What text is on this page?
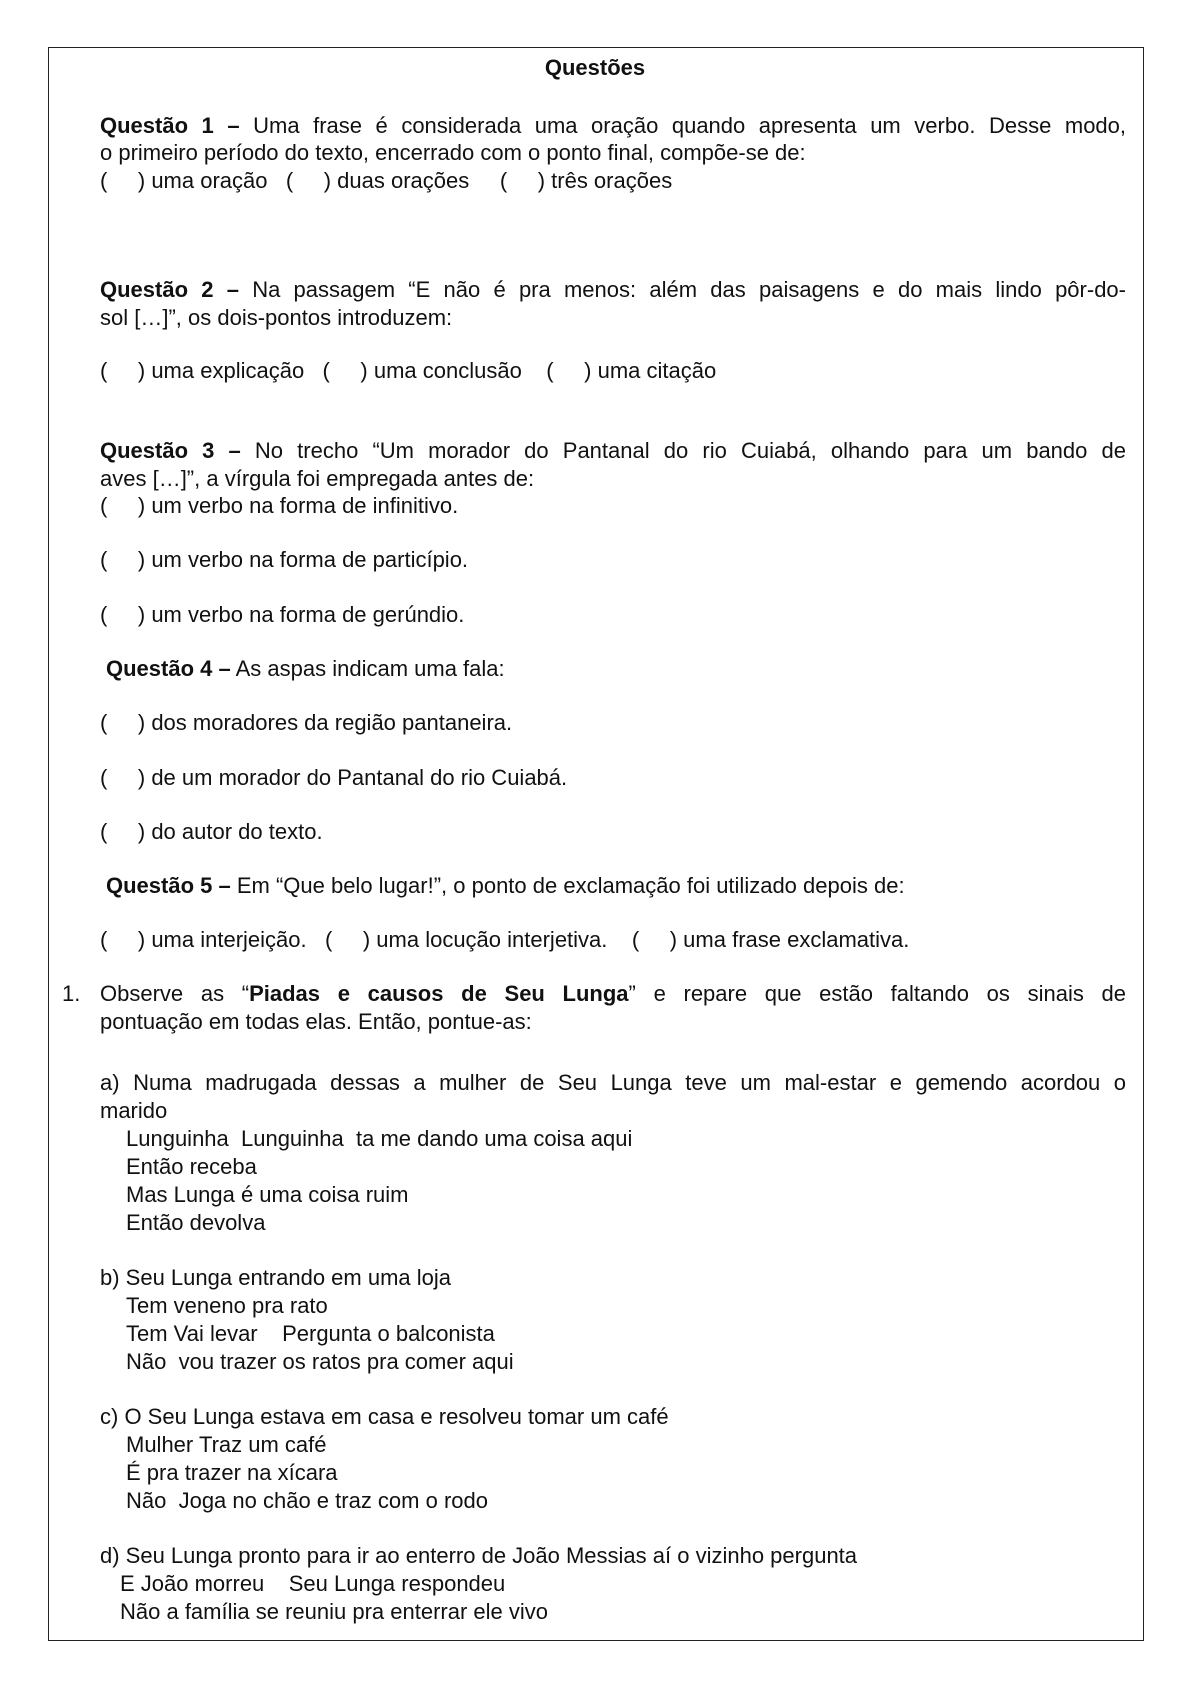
Questões
Questão 1 – Uma frase é considerada uma oração quando apresenta um verbo. Desse modo,
o primeiro período do texto, encerrado com o ponto final, compõe-se de:
(     ) uma oração   (     ) duas orações     (     ) três orações
Questão 2 – Na passagem “E não é pra menos: além das paisagens e do mais lindo pôr-do-
sol […]”, os dois-pontos introduzem:
(     ) uma explicação   (     ) uma conclusão    (     ) uma citação
Questão 3 – No trecho “Um morador do Pantanal do rio Cuiabá, olhando para um bando de
aves […]”, a vírgula foi empregada antes de:
(     ) um verbo na forma de infinitivo.
(     ) um verbo na forma de particípio.
(     ) um verbo na forma de gerúndio.
Questão 4 – As aspas indicam uma fala:
(     ) dos moradores da região pantaneira.
(     ) de um morador do Pantanal do rio Cuiabá.
(     ) do autor do texto.
Questão 5 – Em “Que belo lugar!”, o ponto de exclamação foi utilizado depois de:
(     ) uma interjeição.   (     ) uma locução interjetiva.    (     ) uma frase exclamativa.
1. Observe as “Piadas e causos de Seu Lunga” e repare que estão faltando os sinais de
pontuação em todas elas. Então, pontue-as:
a) Numa madrugada dessas a mulher de Seu Lunga teve um mal-estar e gemendo acordou o
marido
Lunguinha  Lunguinha  ta me dando uma coisa aqui
Então receba
Mas Lunga é uma coisa ruim
Então devolva
b) Seu Lunga entrando em uma loja
Tem veneno pra rato
Tem Vai levar    Pergunta o balconista
Não  vou trazer os ratos pra comer aqui
c) O Seu Lunga estava em casa e resolveu tomar um café
Mulher Traz um café
É pra trazer na xícara
Não  Joga no chão e traz com o rodo
d) Seu Lunga pronto para ir ao enterro de João Messias aí o vizinho pergunta
E João morreu    Seu Lunga respondeu
Não a família se reuniu pra enterrar ele vivo
